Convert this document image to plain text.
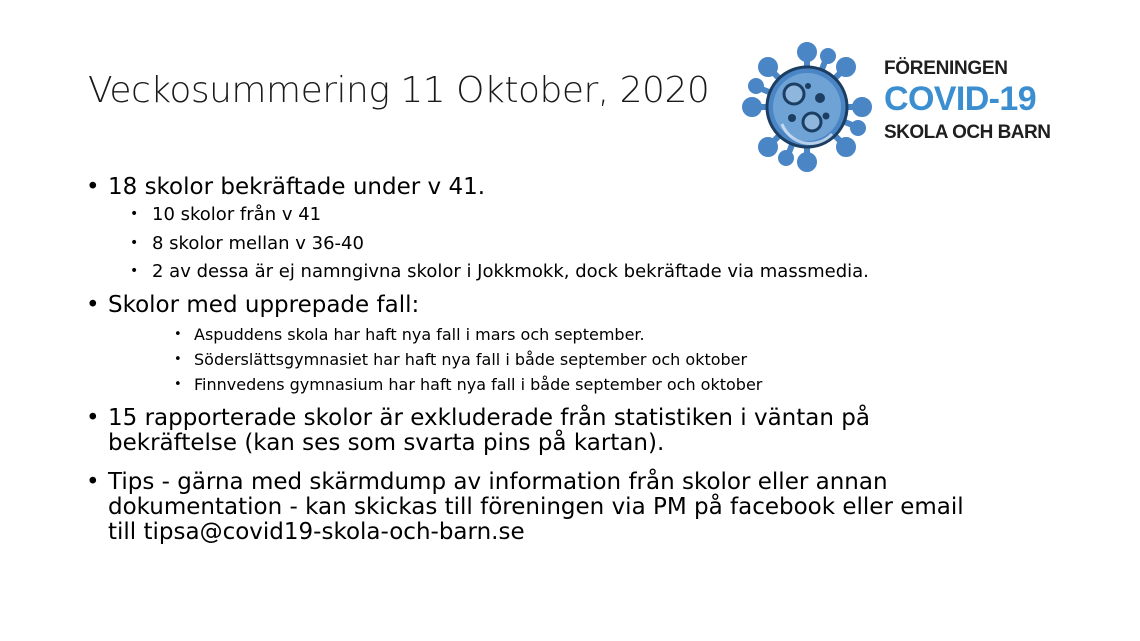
Veckosummering 11 Oktober, 2020
FÖRENINGEN
COVID-19
SKOLA OCH BARN
• 18 skolor bekräftade under v 41.
• 10 skolor från v 41
• 8 skolor mellan v 36-40
• 2 av dessa är ej namngivna skolor i Jokkmokk, dock bekräftade via massmedia.
• Skolor med upprepade fall:
• Aspuddens skola har haft nya fall i mars och september.
• Söderslättsgymnasiet har haft nya fall i både september och oktober
• Finnvedens gymnasium har haft nya fall i både september och oktober
• 15 rapporterade skolor är exkluderade från statistiken i väntan på
bekräftelse (kan ses som svarta pins på kartan).
• Tips - gärna med skärmdump av information från skolor eller annan
dokumentation - kan skickas till föreningen via PM på facebook eller email
till tipsa@covid19-skola-och-barn.se
